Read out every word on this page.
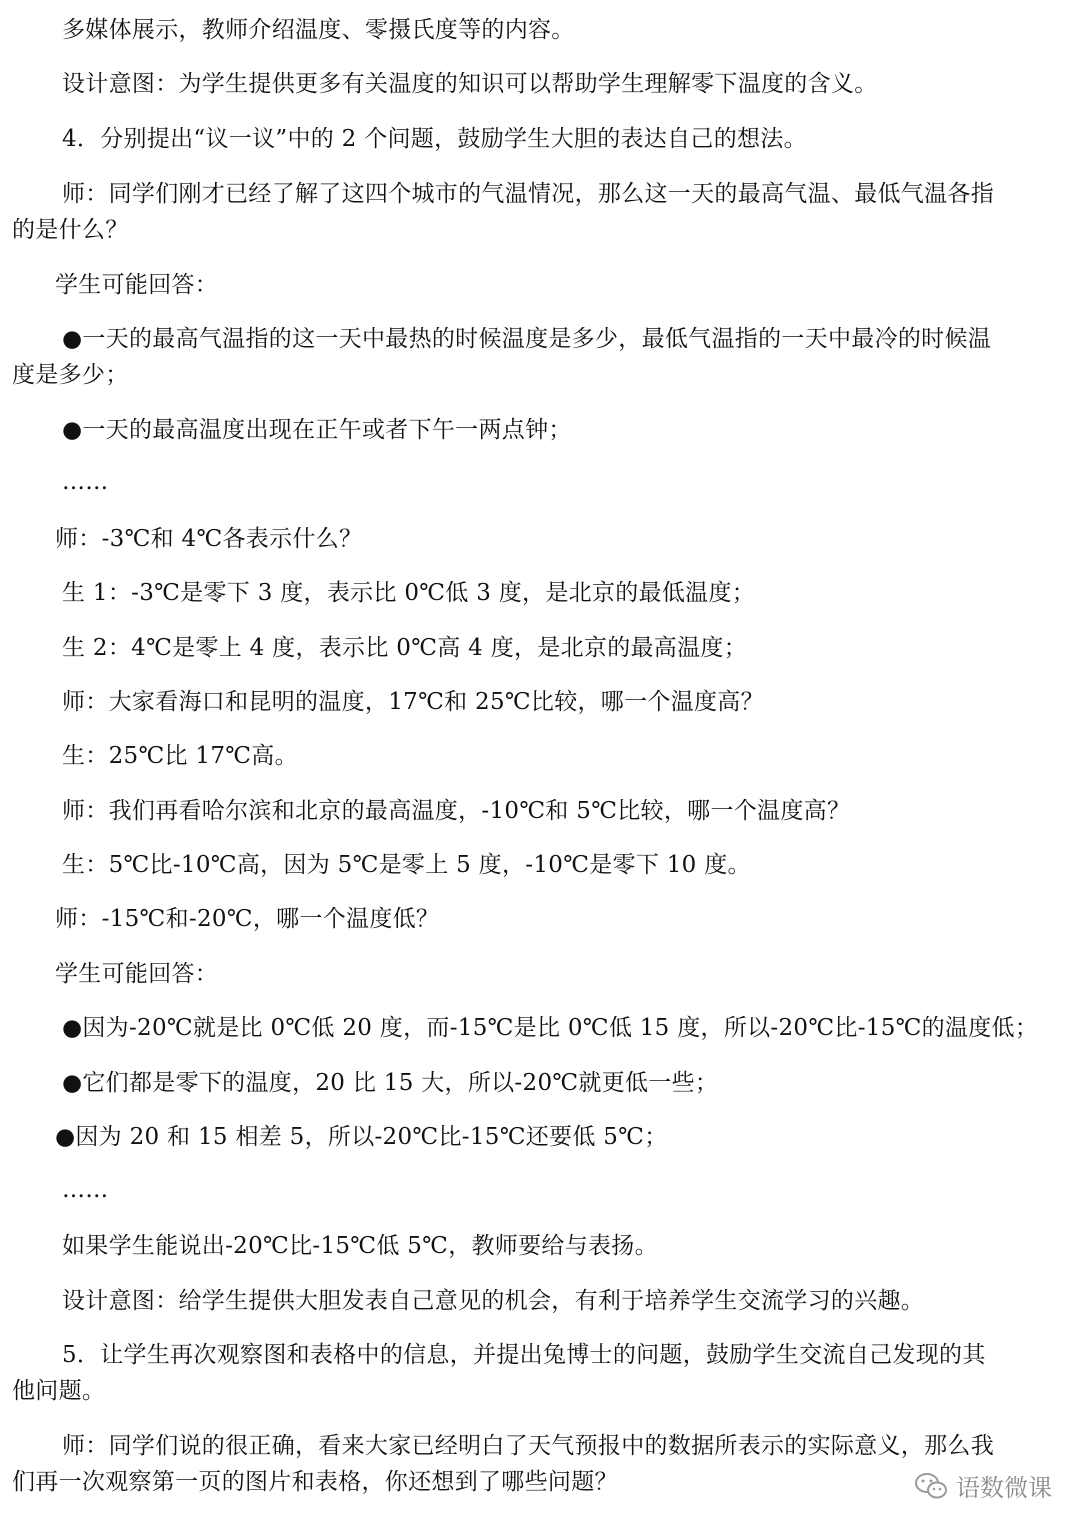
多媒体展示，教师介绍温度、零摄氏度等的内容。
设计意图：为学生提供更多有关温度的知识可以帮助学生理解零下温度的含义。
4．分别提出“议一议”中的 2 个问题，鼓励学生大胆的表达自己的想法。
师：同学们刚才已经了解了这四个城市的气温情况，那么这一天的最高气温、最低气温各指
的是什么？
学生可能回答：
●一天的最高气温指的这一天中最热的时候温度是多少，最低气温指的一天中最冷的时候温
度是多少；
●一天的最高温度出现在正午或者下午一两点钟；
……
师：-3℃和 4℃各表示什么？
生 1：-3℃是零下 3 度，表示比 0℃低 3 度，是北京的最低温度；
生 2：4℃是零上 4 度，表示比 0℃高 4 度，是北京的最高温度；
师：大家看海口和昆明的温度，17℃和 25℃比较，哪一个温度高？
生：25℃比 17℃高。
师：我们再看哈尔滨和北京的最高温度，-10℃和 5℃比较，哪一个温度高？
生：5℃比-10℃高，因为 5℃是零上 5 度，-10℃是零下 10 度。
师：-15℃和-20℃，哪一个温度低？
学生可能回答：
●因为-20℃就是比 0℃低 20 度，而-15℃是比 0℃低 15 度，所以-20℃比-15℃的温度低；
●它们都是零下的温度，20 比 15 大，所以-20℃就更低一些；
●因为 20 和 15 相差 5，所以-20℃比-15℃还要低 5℃；
……
如果学生能说出-20℃比-15℃低 5℃，教师要给与表扬。
设计意图：给学生提供大胆发表自己意见的机会，有利于培养学生交流学习的兴趣。
5．让学生再次观察图和表格中的信息，并提出兔博士的问题，鼓励学生交流自己发现的其
他问题。
师：同学们说的很正确，看来大家已经明白了天气预报中的数据所表示的实际意义，那么我
们再一次观察第一页的图片和表格，你还想到了哪些问题？	语数微课
